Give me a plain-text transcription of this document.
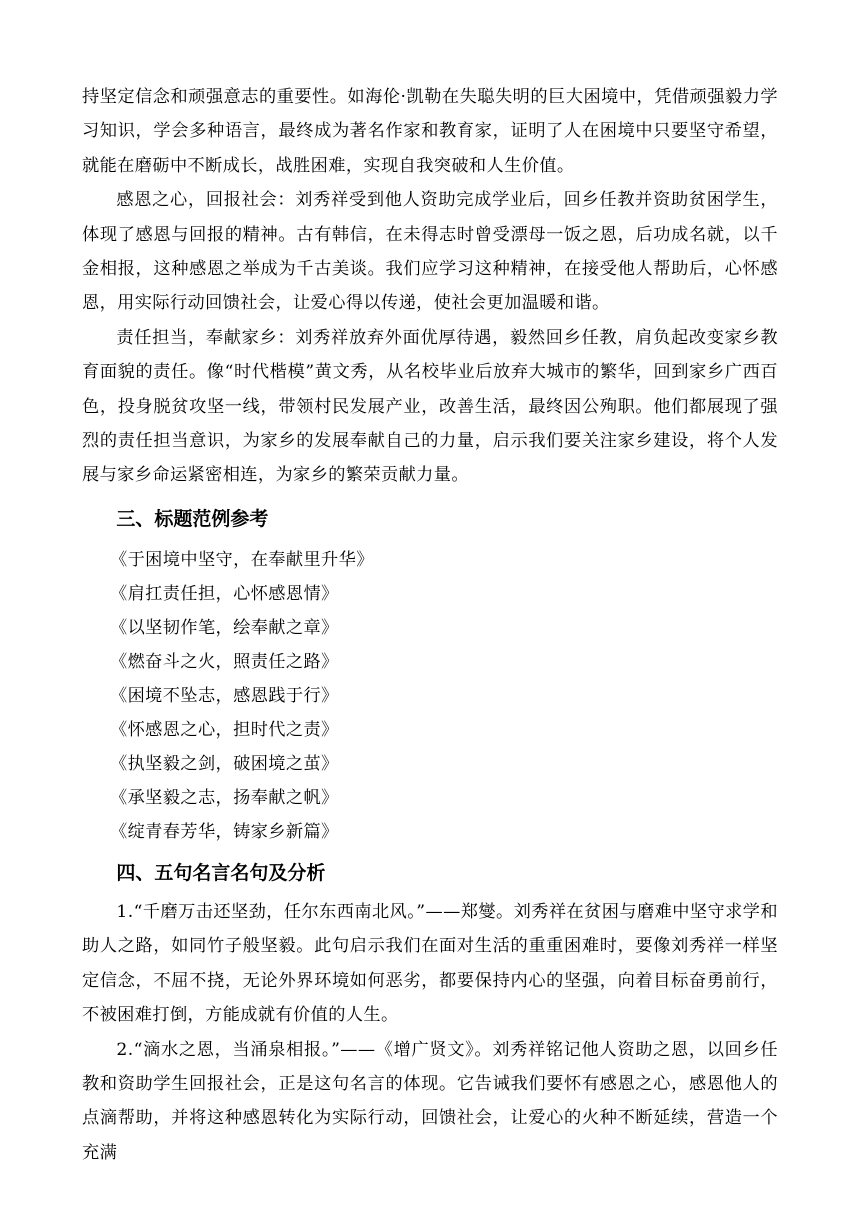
持坚定信念和顽强意志的重要性。如海伦·凯勒在失聪失明的巨大困境中，凭借顽强毅力学习知识，学会多种语言，最终成为著名作家和教育家，证明了人在困境中只要坚守希望，就能在磨砺中不断成长，战胜困难，实现自我突破和人生价值。

感恩之心，回报社会：刘秀祥受到他人资助完成学业后，回乡任教并资助贫困学生，体现了感恩与回报的精神。古有韩信，在未得志时曾受漂母一饭之恩，后功成名就，以千金相报，这种感恩之举成为千古美谈。我们应学习这种精神，在接受他人帮助后，心怀感恩，用实际行动回馈社会，让爱心得以传递，使社会更加温暖和谐。

责任担当，奉献家乡：刘秀祥放弃外面优厚待遇，毅然回乡任教，肩负起改变家乡教育面貌的责任。像“时代楷模”黄文秀，从名校毕业后放弃大城市的繁华，回到家乡广西百色，投身脱贫攻坚一线，带领村民发展产业，改善生活，最终因公殉职。他们都展现了强烈的责任担当意识，为家乡的发展奉献自己的力量，启示我们要关注家乡建设，将个人发展与家乡命运紧密相连，为家乡的繁荣贡献力量。

三、标题范例参考
《于困境中坚守，在奉献里升华》
《肩扛责任担，心怀感恩情》
《以坚韧作笔，绘奉献之章》
《燃奋斗之火，照责任之路》
《困境不坠志，感恩践于行》
《怀感恩之心，担时代之责》
《执坚毅之剑，破困境之茧》
《承坚毅之志，扬奉献之帆》
《绽青春芳华，铸家乡新篇》
四、五句名言名句及分析

1.“千磨万击还坚劲，任尔东西南北风。”——郑燮。刘秀祥在贫困与磨难中坚守求学和助人之路，如同竹子般坚毅。此句启示我们在面对生活的重重困难时，要像刘秀祥一样坚定信念，不屈不挠，无论外界环境如何恶劣，都要保持内心的坚强，向着目标奋勇前行，不被困难打倒，方能成就有价值的人生。

2.“滴水之恩，当涌泉相报。”——《增广贤文》。刘秀祥铭记他人资助之恩，以回乡任教和资助学生回报社会，正是这句名言的体现。它告诫我们要怀有感恩之心，感恩他人的点滴帮助，并将这种感恩转化为实际行动，回馈社会，让爱心的火种不断延续，营造一个充满
